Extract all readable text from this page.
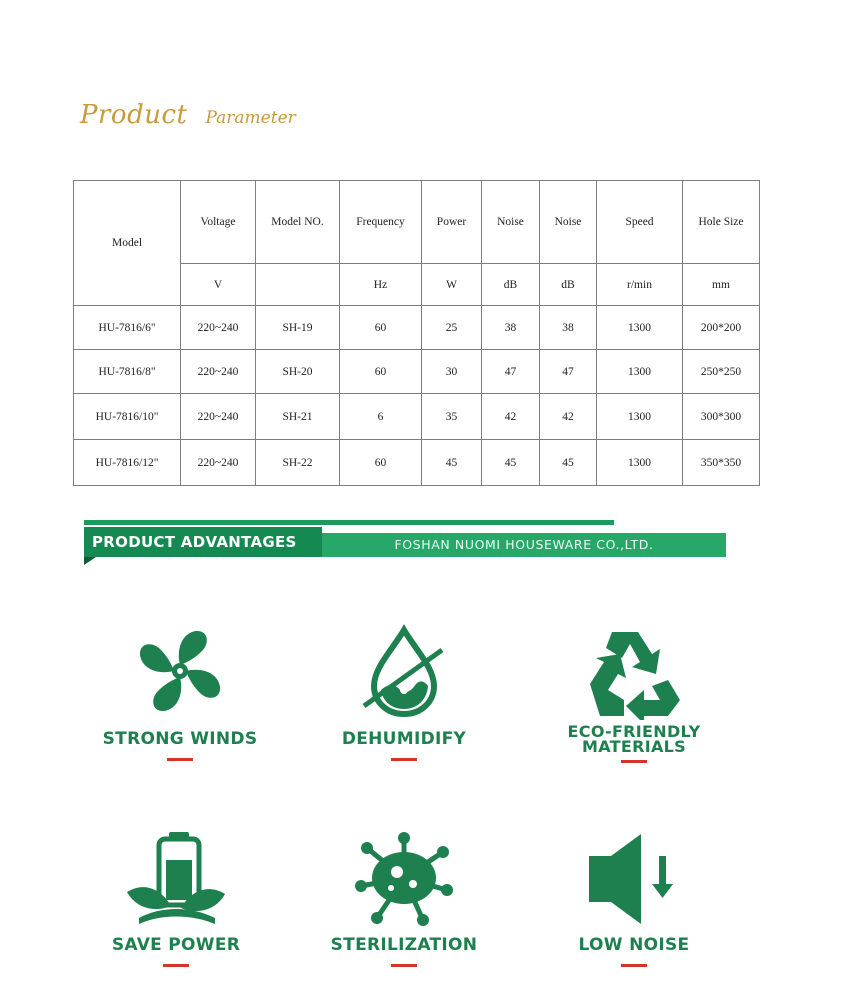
Product Parameter
Model	Voltage	Model NO.	Frequency	Power	Noise	Noise	Speed	Hole Size
	V		Hz	W	dB	dB	r/min	mm
HU-7816/6"	220~240	SH-19	60	25	38	38	1300	200*200
HU-7816/8"	220~240	SH-20	60	30	47	47	1300	250*250
HU-7816/10"	220~240	SH-21	6	35	42	42	1300	300*300
HU-7816/12"	220~240	SH-22	60	45	45	45	1300	350*350
PRODUCT ADVANTAGES	FOSHAN NUOMI HOUSEWARE CO.,LTD.
STRONG WINDS	DEHUMIDIFY	ECO-FRIENDLY
MATERIALS
SAVE POWER	STERILIZATION	LOW NOISE
